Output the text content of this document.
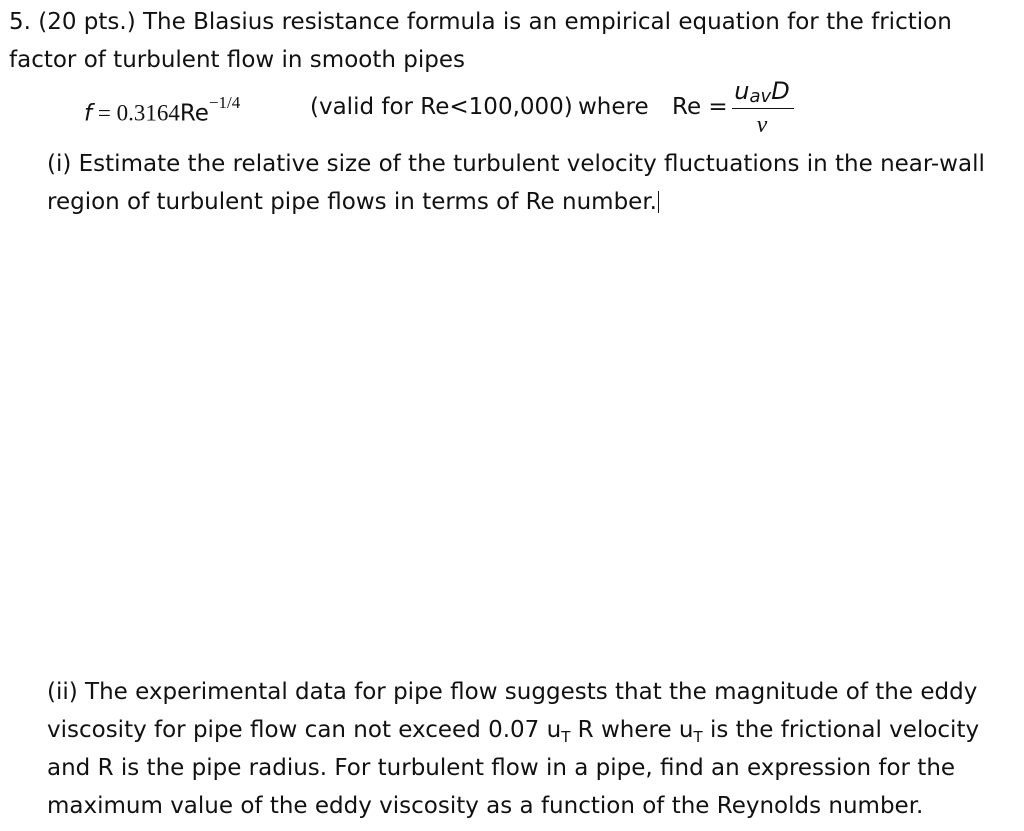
5. (20 pts.) The Blasius resistance formula is an empirical equation for the friction

factor of turbulent flow in smooth pipes

$f = 0.3164Re^{-1/4}$	(valid for Re<100,000) where Re =
$u_{av}D$
ν

(i) Estimate the relative size of the turbulent velocity fluctuations in the near-wall

region of turbulent pipe flows in terms of Re number.

(ii) The experimental data for pipe flow suggests that the magnitude of the eddy

viscosity for pipe flow can not exceed 0.07 $u_T$ R where $u_T$ is the frictional velocity

and R is the pipe radius. For turbulent flow in a pipe, find an expression for the

maximum value of the eddy viscosity as a function of the Reynolds number.
